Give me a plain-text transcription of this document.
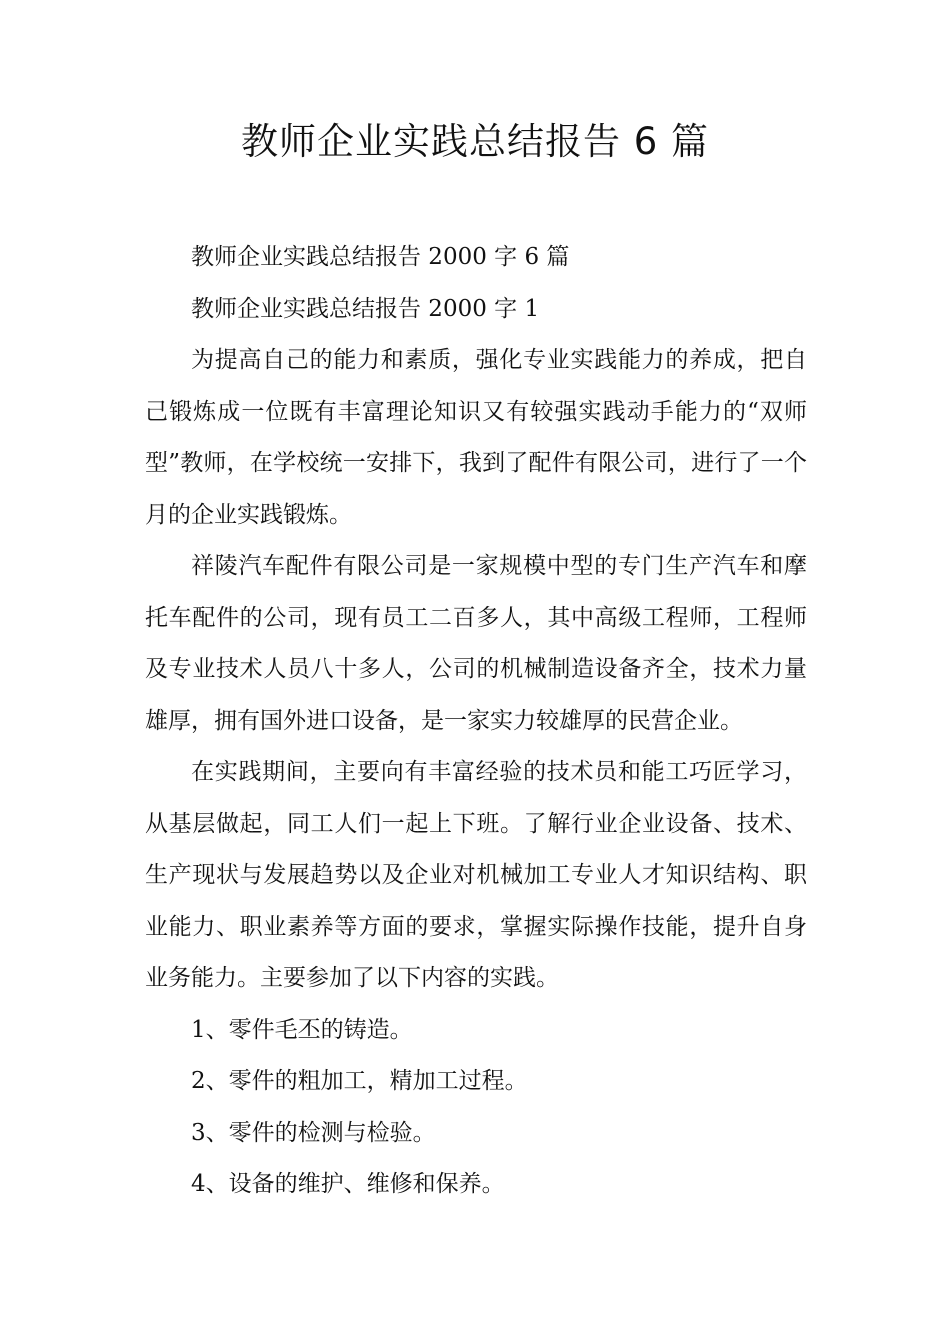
教师企业实践总结报告 6 篇

教师企业实践总结报告 2000 字 6 篇

教师企业实践总结报告 2000 字 1

为提高自己的能力和素质，强化专业实践能力的养成，把自己锻炼成一位既有丰富理论知识又有较强实践动手能力的“双师型”教师，在学校统一安排下，我到了配件有限公司，进行了一个月的企业实践锻炼。

祥陵汽车配件有限公司是一家规模中型的专门生产汽车和摩托车配件的公司，现有员工二百多人，其中高级工程师，工程师及专业技术人员八十多人，公司的机械制造设备齐全，技术力量雄厚，拥有国外进口设备，是一家实力较雄厚的民营企业。

在实践期间，主要向有丰富经验的技术员和能工巧匠学习，从基层做起，同工人们一起上下班。了解行业企业设备、技术、生产现状与发展趋势以及企业对机械加工专业人才知识结构、职业能力、职业素养等方面的要求，掌握实际操作技能，提升自身业务能力。主要参加了以下内容的实践。

1、零件毛丕的铸造。

2、零件的粗加工，精加工过程。

3、零件的检测与检验。

4、设备的维护、维修和保养。
